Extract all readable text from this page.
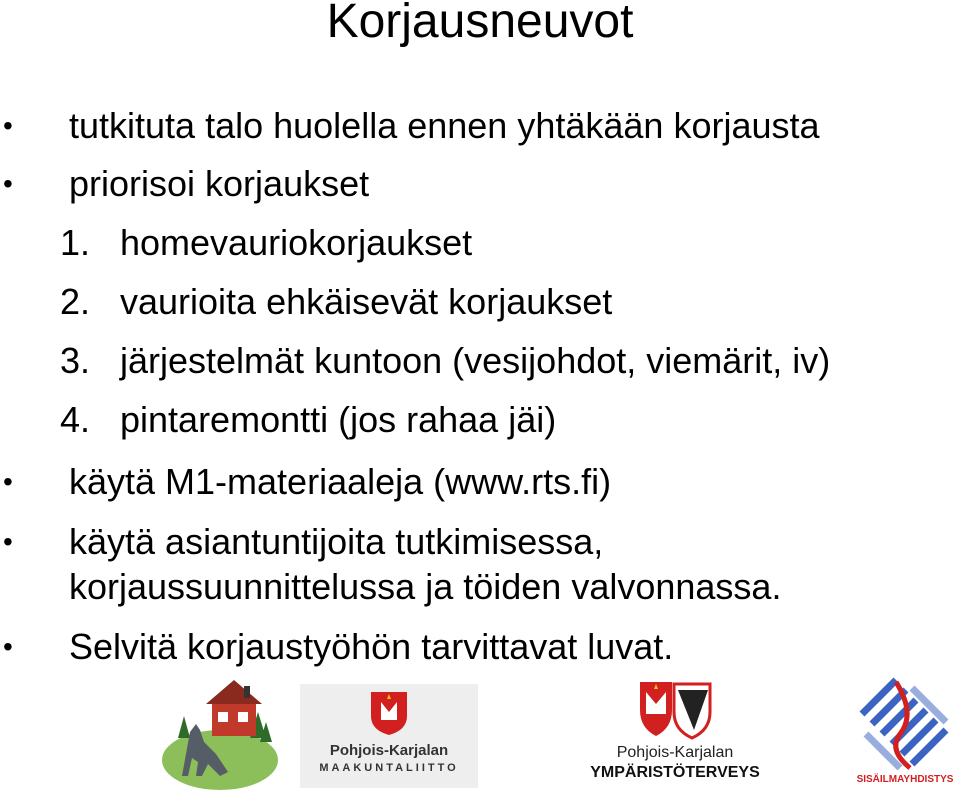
Korjausneuvot
• tutkituta talo huolella ennen yhtäkään korjausta
• priorisoi korjaukset
1. homevauriokorjaukset
2. vaurioita ehkäisevät korjaukset
3. järjestelmät kuntoon (vesijohdot, viemärit, iv)
4. pintaremontti (jos rahaa jäi)
• käytä M1-materiaaleja (www.rts.fi)
• käytä asiantuntijoita tutkimisessa,
korjaussuunnittelussa ja töiden valvonnassa.
• Selvitä korjaustyöhön tarvittavat luvat.
Pohjois-Karjalan
MAAKUNTALIITTO
Pohjois-Karjalan
YMPÄRISTÖTERVEYS	SISÄILMAYHDISTYS
